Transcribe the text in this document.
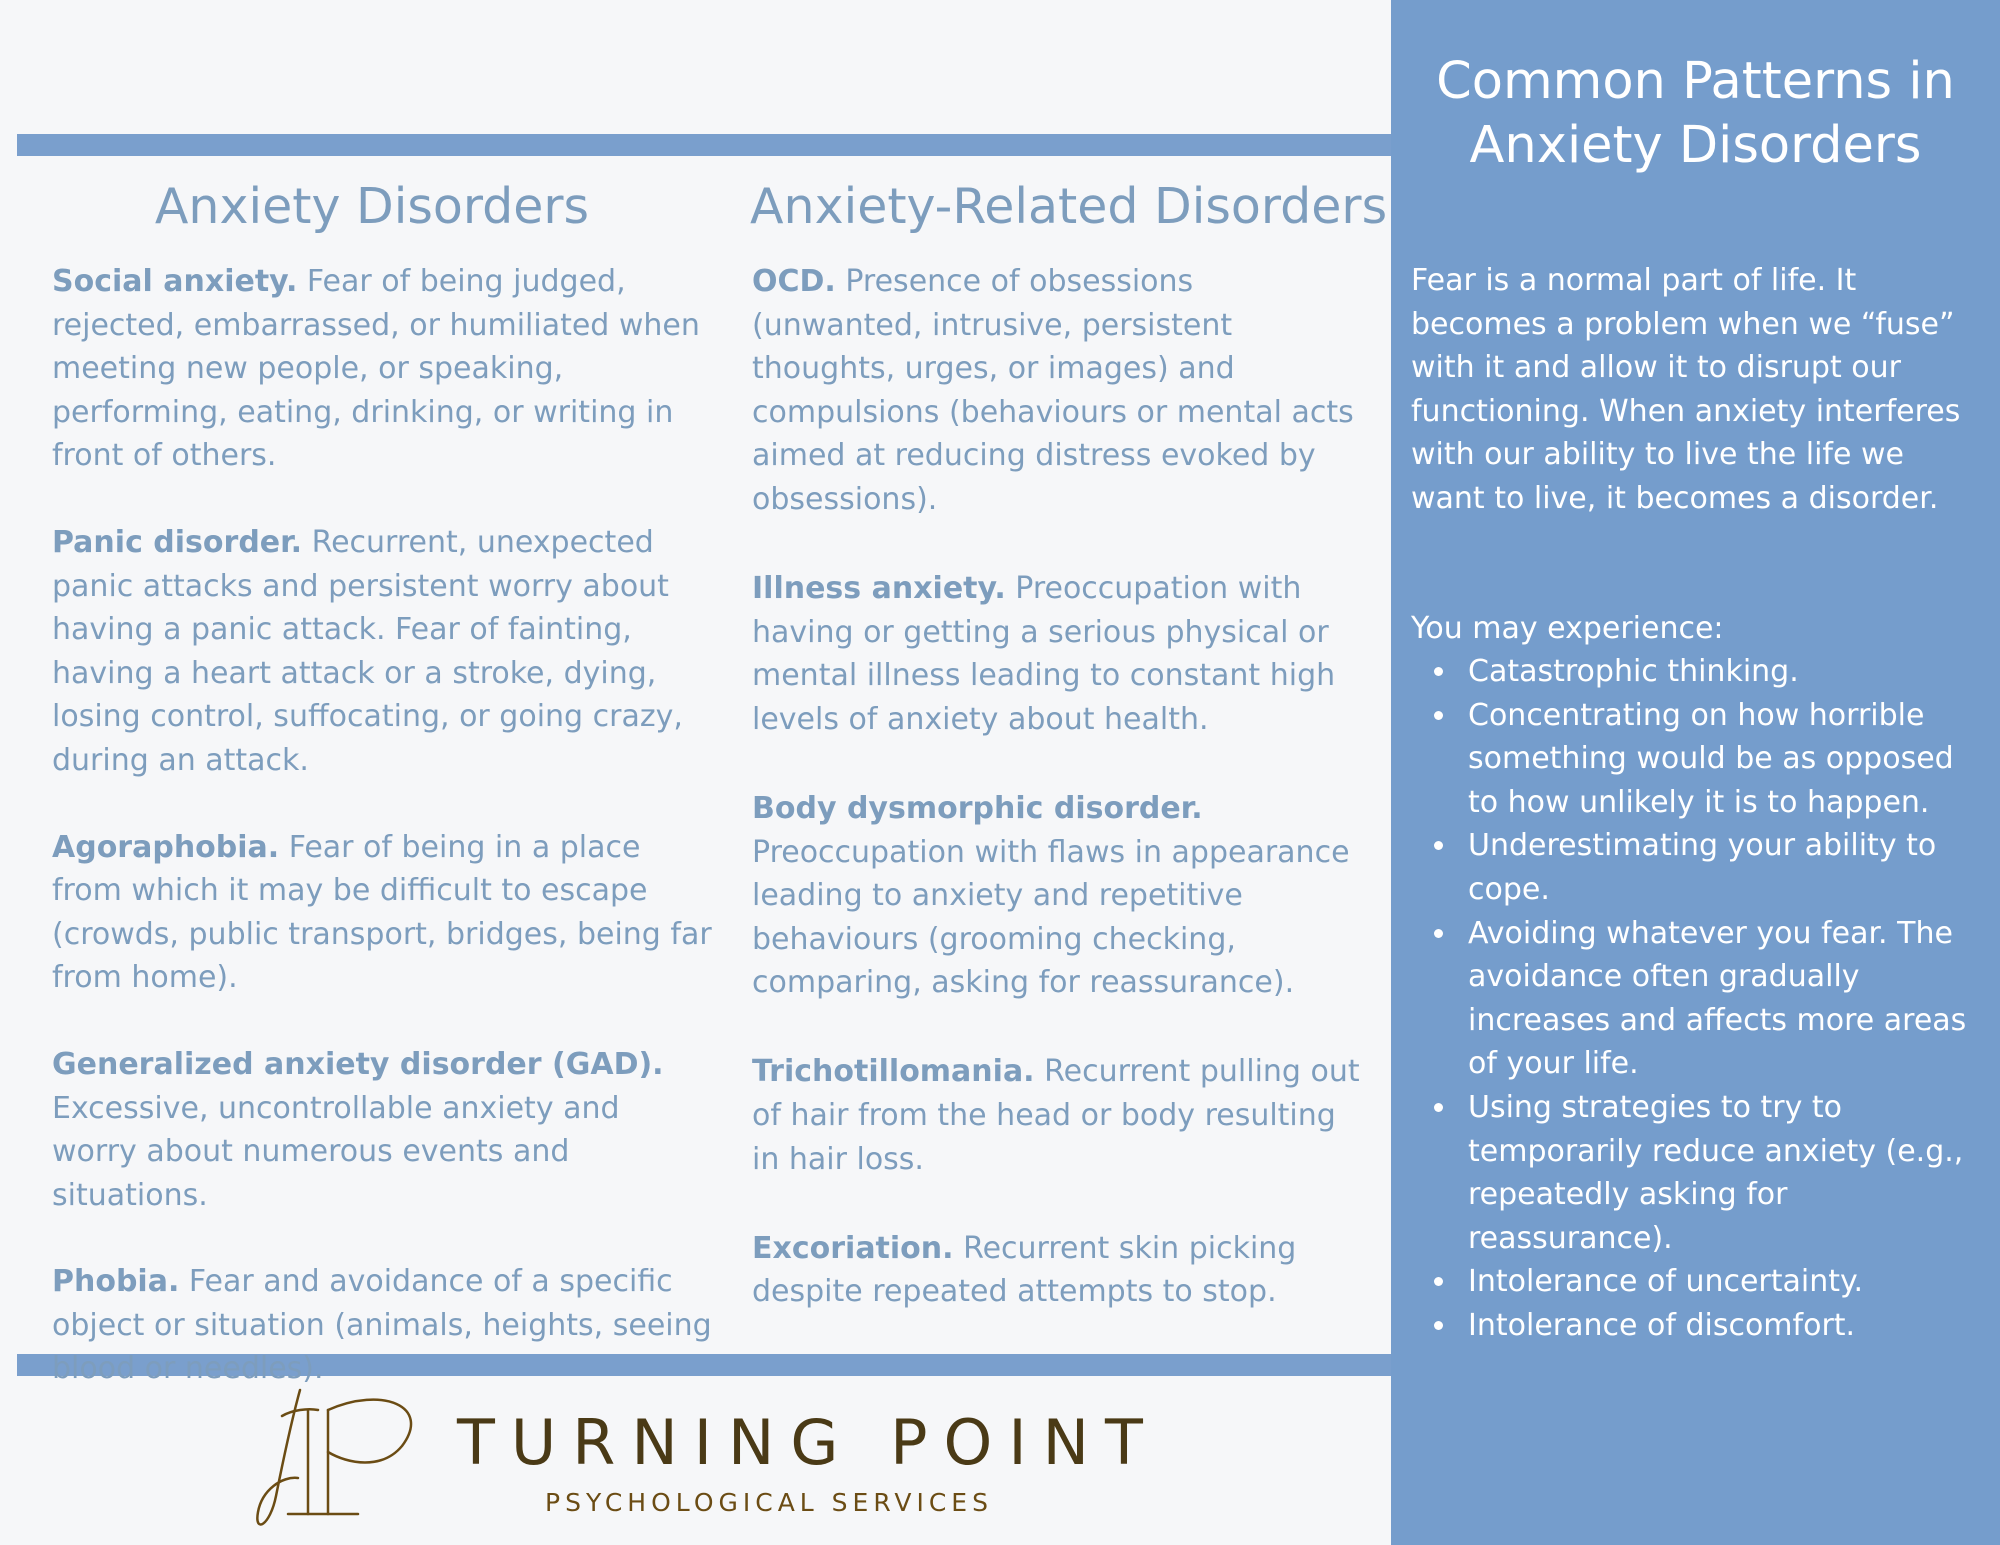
Anxiety Disorders

Social anxiety. Fear of being judged, rejected, embarrassed, or humiliated when meeting new people, or speaking, performing, eating, drinking, or writing in front of others.

Panic disorder. Recurrent, unexpected panic attacks and persistent worry about having a panic attack. Fear of fainting, having a heart attack or a stroke, dying, losing control, suffocating, or going crazy, during an attack.

Agoraphobia. Fear of being in a place from which it may be difficult to escape (crowds, public transport, bridges, being far from home).

Generalized anxiety disorder (GAD). Excessive, uncontrollable anxiety and worry about numerous events and situations.

Phobia. Fear and avoidance of a specific object or situation (animals, heights, seeing blood or needles).

Anxiety-Related Disorders

OCD. Presence of obsessions (unwanted, intrusive, persistent thoughts, urges, or images) and compulsions (behaviours or mental acts aimed at reducing distress evoked by obsessions).

Illness anxiety. Preoccupation with having or getting a serious physical or mental illness leading to constant high levels of anxiety about health.

Body dysmorphic disorder. Preoccupation with flaws in appearance leading to anxiety and repetitive behaviours (grooming checking, comparing, asking for reassurance).

Trichotillomania. Recurrent pulling out of hair from the head or body resulting in hair loss.

Excoriation. Recurrent skin picking despite repeated attempts to stop.

Common Patterns in Anxiety Disorders

Fear is a normal part of life. It becomes a problem when we “fuse” with it and allow it to disrupt our functioning. When anxiety interferes with our ability to live the life we want to live, it becomes a disorder.

You may experience:

Catastrophic thinking.
Concentrating on how horrible something would be as opposed to how unlikely it is to happen.
Underestimating your ability to cope.
Avoiding whatever you fear. The avoidance often gradually increases and affects more areas of your life.
Using strategies to try to temporarily reduce anxiety (e.g., repeatedly asking for reassurance).
Intolerance of uncertainty.
Intolerance of discomfort.
TURNING POINT
PSYCHOLOGICAL SERVICES
